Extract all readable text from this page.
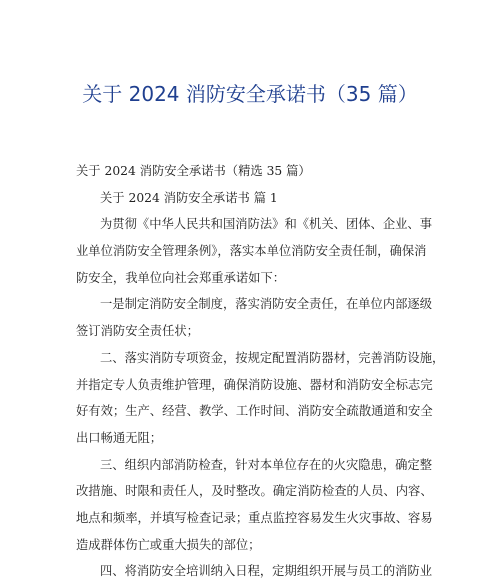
关于 2024 消防安全承诺书（35 篇）
关于 2024 消防安全承诺书（精选 35 篇）
关于 2024 消防安全承诺书 篇 1
为贯彻《中华人民共和国消防法》和《机关、团体、企业、事
业单位消防安全管理条例》，落实本单位消防安全责任制，确保消
防安全，我单位向社会郑重承诺如下：
一是制定消防安全制度，落实消防安全责任，在单位内部逐级
签订消防安全责任状；
二、落实消防专项资金，按规定配置消防器材，完善消防设施，
并指定专人负责维护管理，确保消防设施、器材和消防安全标志完
好有效；生产、经营、教学、工作时间、消防安全疏散通道和安全
出口畅通无阻；
三、组织内部消防检查，针对本单位存在的火灾隐患，确定整
改措施、时限和责任人，及时整改。确定消防检查的人员、内容、
地点和频率，并填写检查记录；重点监控容易发生火灾事故、容易
造成群体伤亡或重大损失的部位；
四、将消防安全培训纳入日程，定期组织开展与员工的消防业
